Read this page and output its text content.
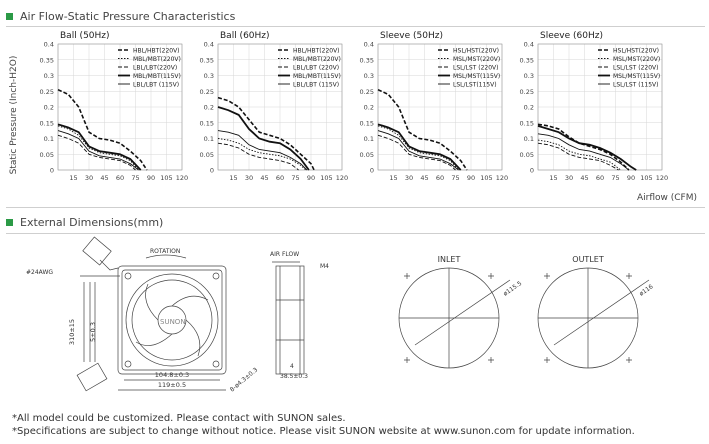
Air Flow-Static Pressure Characteristics
Static Pressure (Inch-H2O)
Ball (50Hz)
0.4
0.35
0.3
0.25
0.2
0.15
0.1
0.05
0
15 30 45 60 75 90 105 120
HBL/HBT(220V)
MBL/MBT(220V)
LBL/LBT(220V)
MBL/MBT(115V)
LBL/LBT (115V)
Ball (60Hz)
0.4
0.35
0.3
0.25
0.2
0.15
0.1
0.05
0
15 30 45 60 75 90 105 120
HBL/HBT(220V)
MBL/MBT(220V)
LBL/LBT (220V)
MBL/MBT(115V)
LBL/LBT (115V)
Sleeve (50Hz)
0.4
0.35
0.3
0.25
0.2
0.15
0.1
0.05
0
15 30 45 60 75 90 105 120
HSL/HST(220V)
MSL/MST(220V)
LSL/LST (220V)
MSL/MST(115V)
LSL/LST(115V)
Sleeve (60Hz)
0.4
0.35
0.3
0.25
0.2
0.15
0.1
0.05
0
15 30 45 60 75 90 105 120
HSL/HST(220V)
MSL/MST(220V)
LSL/LST (220V)
MSL/MST(115V)
LSL/LST (115V)
Airflow (CFM)
External Dimensions(mm)
#24AWG
310±15 5±0.3
ROTATION
SUNON
104.8±0.3
119±0.5	8-ø4.3±0.3
AIR FLOW
M4
4
38.5±0.3
INLET
ø115.5
OUTLET
ø116
*All model could be customized. Please contact with SUNON sales.
*Specifications are subject to change without notice. Please visit SUNON website at www.sunon.com for update information.
